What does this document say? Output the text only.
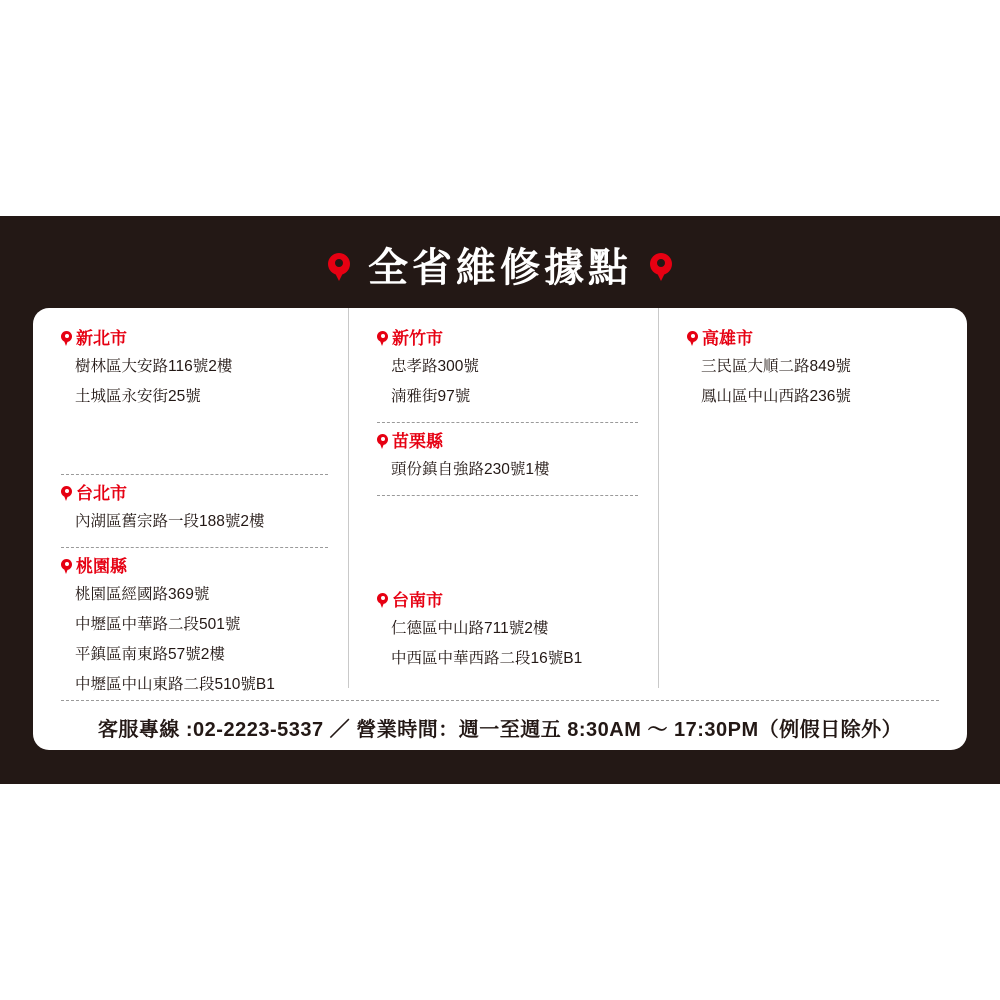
全省維修據點
新北市
樹林區大安路116號2樓
土城區永安街25號
台北市
內湖區舊宗路一段188號2樓
桃園縣
桃園區經國路369號
中壢區中華路二段501號
平鎮區南東路57號2樓
中壢區中山東路二段510號B1
新竹市
忠孝路300號
湳雅街97號
苗栗縣
頭份鎮自強路230號1樓
台南市
仁德區中山路711號2樓
中西區中華西路二段16號B1
高雄市
三民區大順二路849號
鳳山區中山西路236號
客服專線 :02-2223-5337 ／ 營業時間：週一至週五 8:30AM ～ 17:30PM（例假日除外）
